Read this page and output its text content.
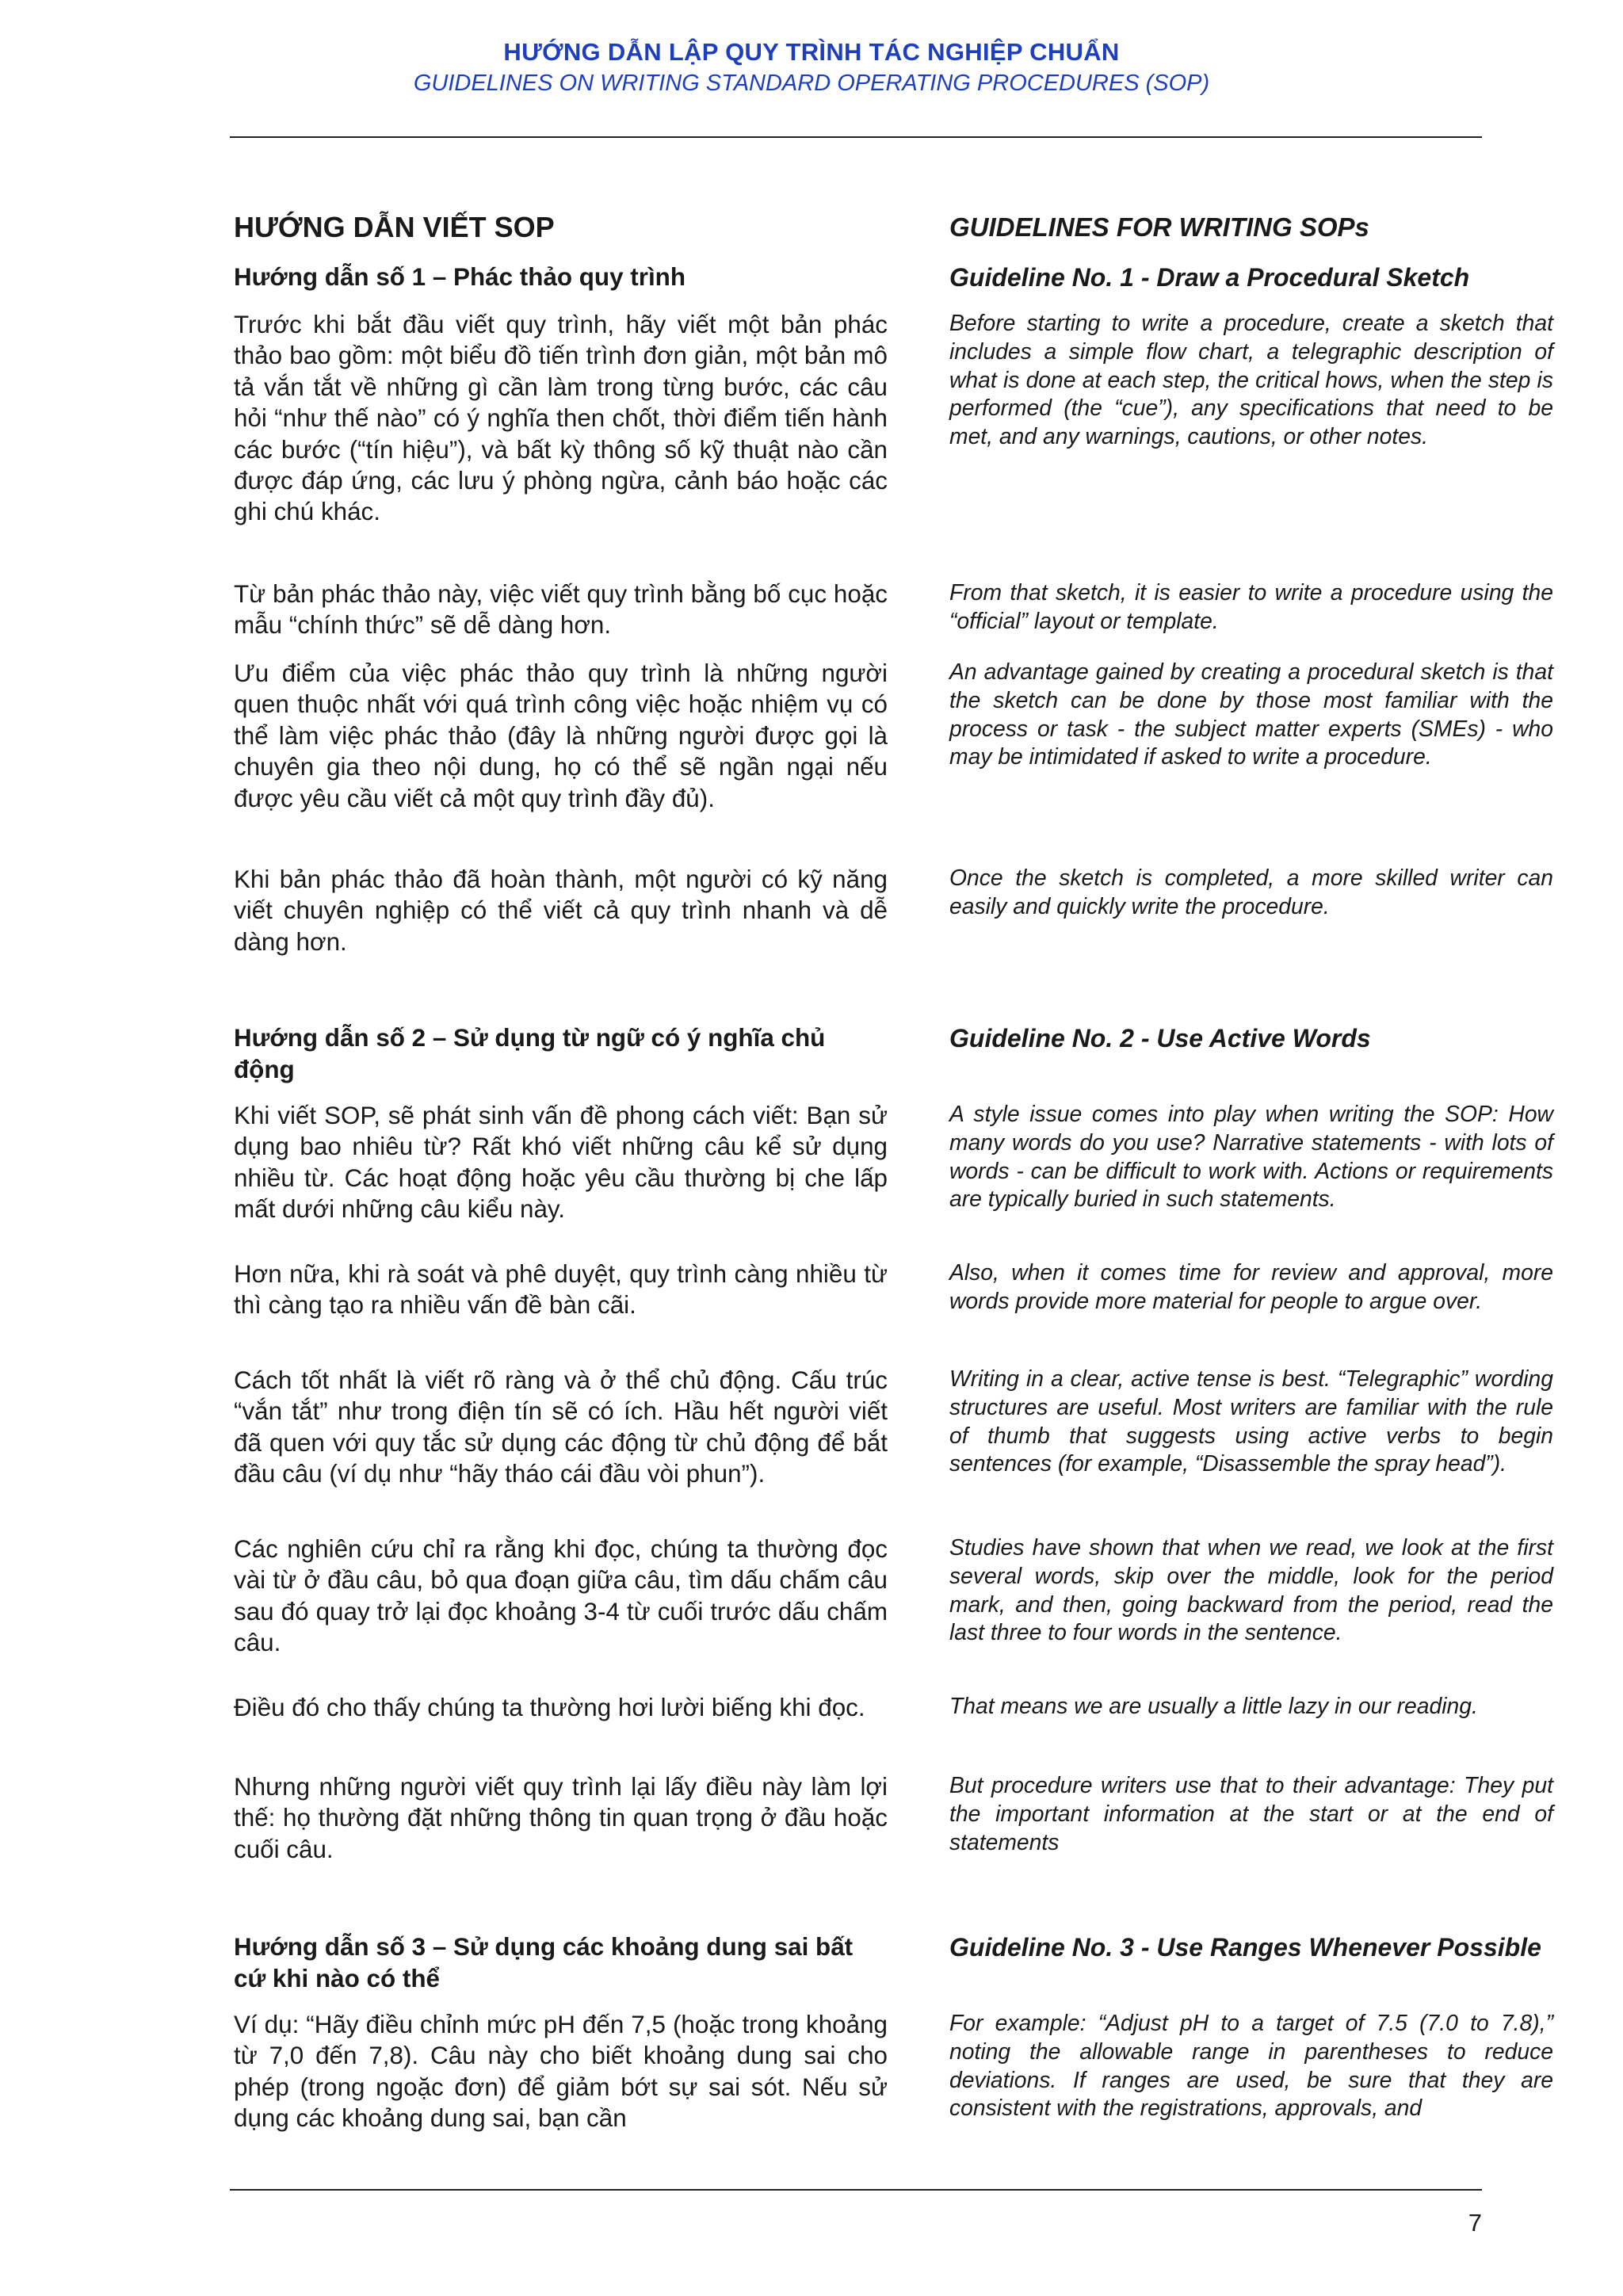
HƯỚNG DẪN LẬP QUY TRÌNH TÁC NGHIỆP CHUẨN
GUIDELINES ON WRITING STANDARD OPERATING PROCEDURES (SOP)
HƯỚNG DẪN VIẾT SOP	GUIDELINES FOR WRITING SOPs
Hướng dẫn số 1 – Phác thảo quy trình	Guideline No. 1 - Draw a Procedural Sketch
Trước khi bắt đầu viết quy trình, hãy viết một bản phác thảo bao gồm: một biểu đồ tiến trình đơn giản, một bản mô tả vắn tắt về những gì cần làm trong từng bước, các câu hỏi “như thế nào” có ý nghĩa then chốt, thời điểm tiến hành các bước (“tín hiệu”), và bất kỳ thông số kỹ thuật nào cần được đáp ứng, các lưu ý phòng ngừa, cảnh báo hoặc các ghi chú khác.
Before starting to write a procedure, create a sketch that includes a simple flow chart, a telegraphic description of what is done at each step, the critical hows, when the step is performed (the “cue”), any specifications that need to be met, and any warnings, cautions, or other notes.
Từ bản phác thảo này, việc viết quy trình bằng bố cục hoặc mẫu “chính thức” sẽ dễ dàng hơn.
From that sketch, it is easier to write a procedure using the “official” layout or template.
Ưu điểm của việc phác thảo quy trình là những người quen thuộc nhất với quá trình công việc hoặc nhiệm vụ có thể làm việc phác thảo (đây là những người được gọi là chuyên gia theo nội dung, họ có thể sẽ ngần ngại nếu được yêu cầu viết cả một quy trình đầy đủ).
An advantage gained by creating a procedural sketch is that the sketch can be done by those most familiar with the process or task - the subject matter experts (SMEs) - who may be intimidated if asked to write a procedure.
Khi bản phác thảo đã hoàn thành, một người có kỹ năng viết chuyên nghiệp có thể viết cả quy trình nhanh và dễ dàng hơn.
Once the sketch is completed, a more skilled writer can easily and quickly write the procedure.
Hướng dẫn số 2 – Sử dụng từ ngữ có ý nghĩa chủ động
Guideline No. 2 - Use Active Words
Khi viết SOP, sẽ phát sinh vấn đề phong cách viết: Bạn sử dụng bao nhiêu từ? Rất khó viết những câu kể sử dụng nhiều từ. Các hoạt động hoặc yêu cầu thường bị che lấp mất dưới những câu kiểu này.
A style issue comes into play when writing the SOP: How many words do you use? Narrative statements - with lots of words - can be difficult to work with. Actions or requirements are typically buried in such statements.
Hơn nữa, khi rà soát và phê duyệt, quy trình càng nhiều từ thì càng tạo ra nhiều vấn đề bàn cãi.
Also, when it comes time for review and approval, more words provide more material for people to argue over.
Cách tốt nhất là viết rõ ràng và ở thể chủ động. Cấu trúc “vắn tắt” như trong điện tín sẽ có ích. Hầu hết người viết đã quen với quy tắc sử dụng các động từ chủ động để bắt đầu câu (ví dụ như “hãy tháo cái đầu vòi phun”).
Writing in a clear, active tense is best. “Telegraphic” wording structures are useful. Most writers are familiar with the rule of thumb that suggests using active verbs to begin sentences (for example, “Disassemble the spray head”).
Các nghiên cứu chỉ ra rằng khi đọc, chúng ta thường đọc vài từ ở đầu câu, bỏ qua đoạn giữa câu, tìm dấu chấm câu sau đó quay trở lại đọc khoảng 3-4 từ cuối trước dấu chấm câu.
Studies have shown that when we read, we look at the first several words, skip over the middle, look for the period mark, and then, going backward from the period, read the last three to four words in the sentence.
Điều đó cho thấy chúng ta thường hơi lười biếng khi đọc.	That means we are usually a little lazy in our reading.
Nhưng những người viết quy trình lại lấy điều này làm lợi thế: họ thường đặt những thông tin quan trọng ở đầu hoặc cuối câu.
But procedure writers use that to their advantage: They put the important information at the start or at the end of statements
Hướng dẫn số 3 – Sử dụng các khoảng dung sai bất cứ khi nào có thể
Guideline No. 3 - Use Ranges Whenever Possible
Ví dụ: “Hãy điều chỉnh mức pH đến 7,5 (hoặc trong khoảng từ 7,0 đến 7,8). Câu này cho biết khoảng dung sai cho phép (trong ngoặc đơn) để giảm bớt sự sai sót. Nếu sử dụng các khoảng dung sai, bạn cần
For example: “Adjust pH to a target of 7.5 (7.0 to 7.8),” noting the allowable range in parentheses to reduce deviations. If ranges are used, be sure that they are consistent with the registrations, approvals, and
7
